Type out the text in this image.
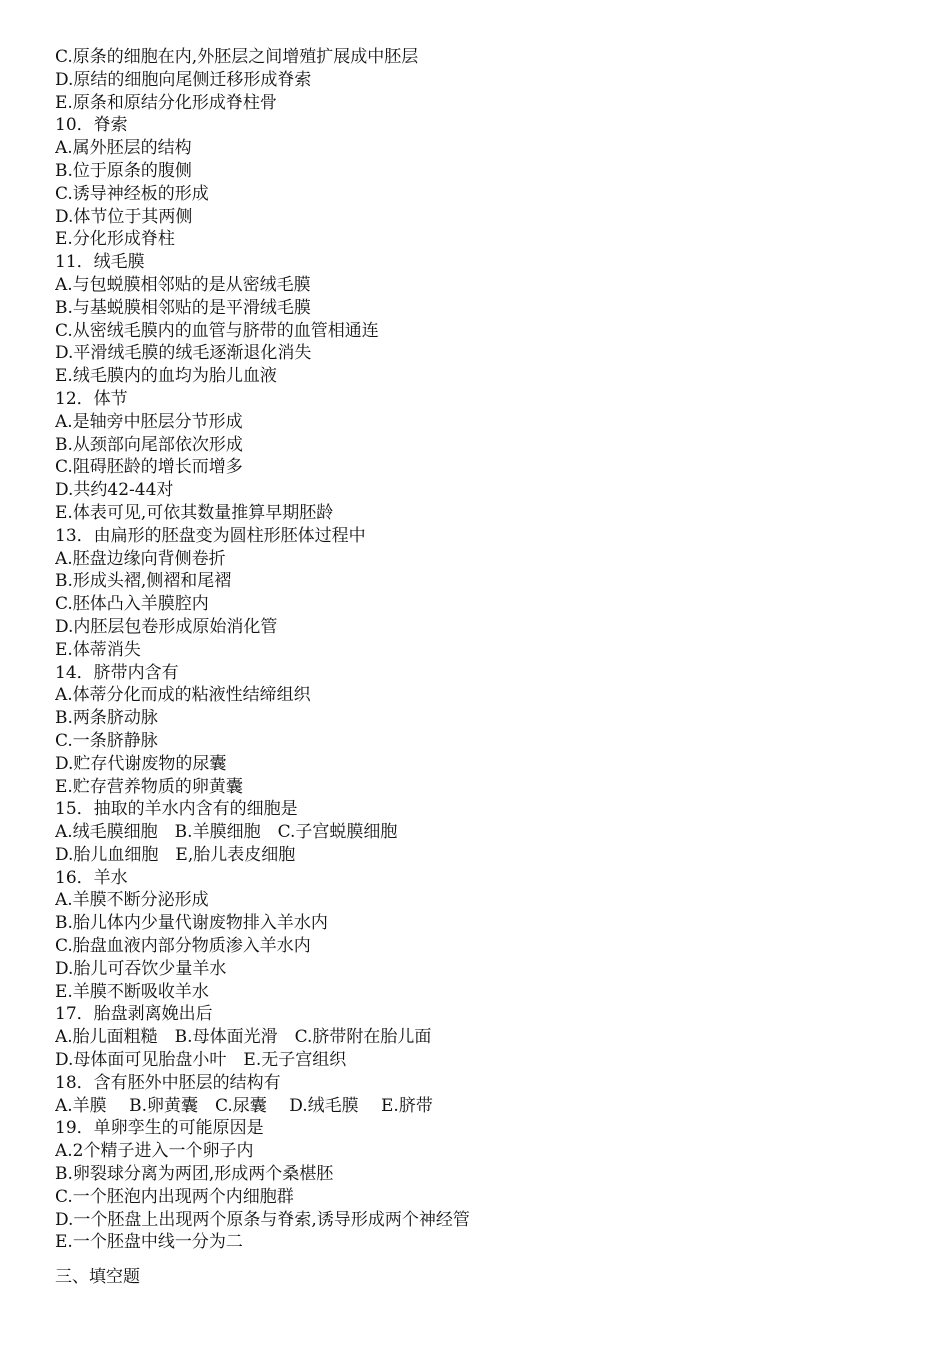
C.原条的细胞在内,外胚层之间增殖扩展成中胚层
D.原结的细胞向尾侧迁移形成脊索
E.原条和原结分化形成脊柱骨
10．脊索
A.属外胚层的结构
B.位于原条的腹侧
C.诱导神经板的形成
D.体节位于其两侧
E.分化形成脊柱
11．绒毛膜
A.与包蜕膜相邻贴的是从密绒毛膜
B.与基蜕膜相邻贴的是平滑绒毛膜
C.从密绒毛膜内的血管与脐带的血管相通连
D.平滑绒毛膜的绒毛逐渐退化消失
E.绒毛膜内的血均为胎儿血液
12．体节
A.是轴旁中胚层分节形成
B.从颈部向尾部依次形成
C.阻碍胚龄的增长而增多
D.共约42-44对
E.体表可见,可依其数量推算早期胚龄
13．由扁形的胚盘变为圆柱形胚体过程中
A.胚盘边缘向背侧卷折
B.形成头褶,侧褶和尾褶
C.胚体凸入羊膜腔内
D.内胚层包卷形成原始消化管
E.体蒂消失
14．脐带内含有
A.体蒂分化而成的粘液性结缔组织
B.两条脐动脉
C.一条脐静脉
D.贮存代谢废物的尿囊
E.贮存营养物质的卵黄囊
15．抽取的羊水内含有的细胞是
A.绒毛膜细胞　B.羊膜细胞　C.子宫蜕膜细胞
D.胎儿血细胞　E,胎儿表皮细胞
16．羊水
A.羊膜不断分泌形成
B.胎儿体内少量代谢废物排入羊水内
C.胎盘血液内部分物质渗入羊水内
D.胎儿可吞饮少量羊水
E.羊膜不断吸收羊水
17．胎盘剥离娩出后
A.胎儿面粗糙　B.母体面光滑　C.脐带附在胎儿面
D.母体面可见胎盘小叶　E.无子宫组织
18．含有胚外中胚层的结构有
A.羊膜　 B.卵黄囊　C.尿囊　 D.绒毛膜　 E.脐带
19．单卵孪生的可能原因是
A.2个精子进入一个卵子内
B.卵裂球分离为两团,形成两个桑椹胚
C.一个胚泡内出现两个内细胞群
D.一个胚盘上出现两个原条与脊索,诱导形成两个神经管
E.一个胚盘中线一分为二
三、填空题
